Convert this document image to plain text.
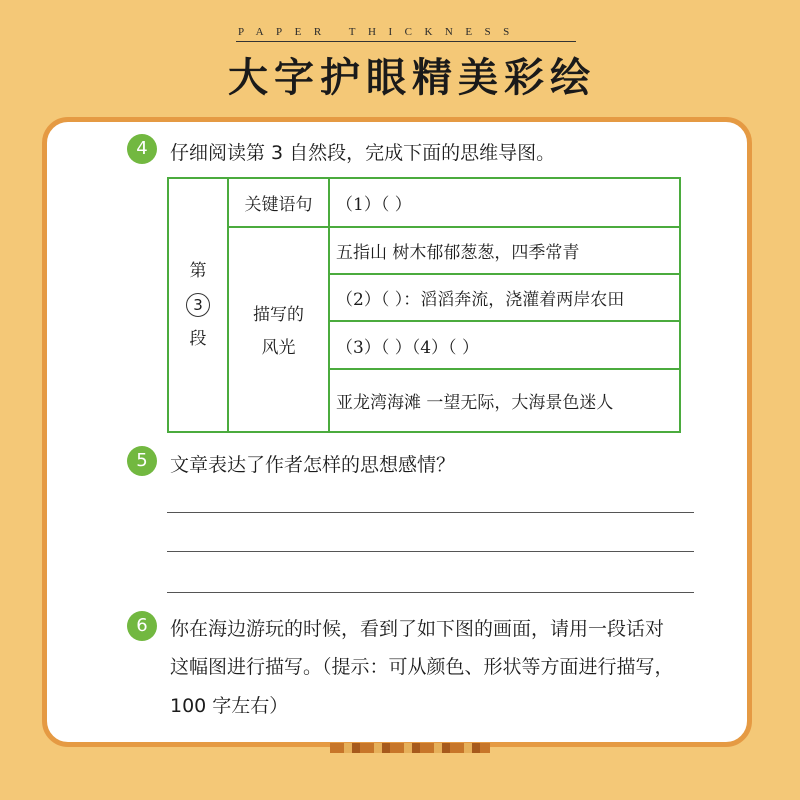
PAPER THICKNESS
大字护眼精美彩绘
4	仔细阅读第 3 自然段，完成下面的思维导图。
第
3
段	关键语句	（1）（ ）

	描写的
风光	五指山 树木郁郁葱葱，四季常青
		（2）（ ）：滔滔奔流，浇灌着两岸农田
		（3）（ ）（4）（ ）
		亚龙湾海滩 一望无际，大海景色迷人
5	文章表达了作者怎样的思想感情？
6	你在海边游玩的时候，看到了如下图的画面，请用一段话对
这幅图进行描写。（提示：可从颜色、形状等方面进行描写，
100 字左右）
